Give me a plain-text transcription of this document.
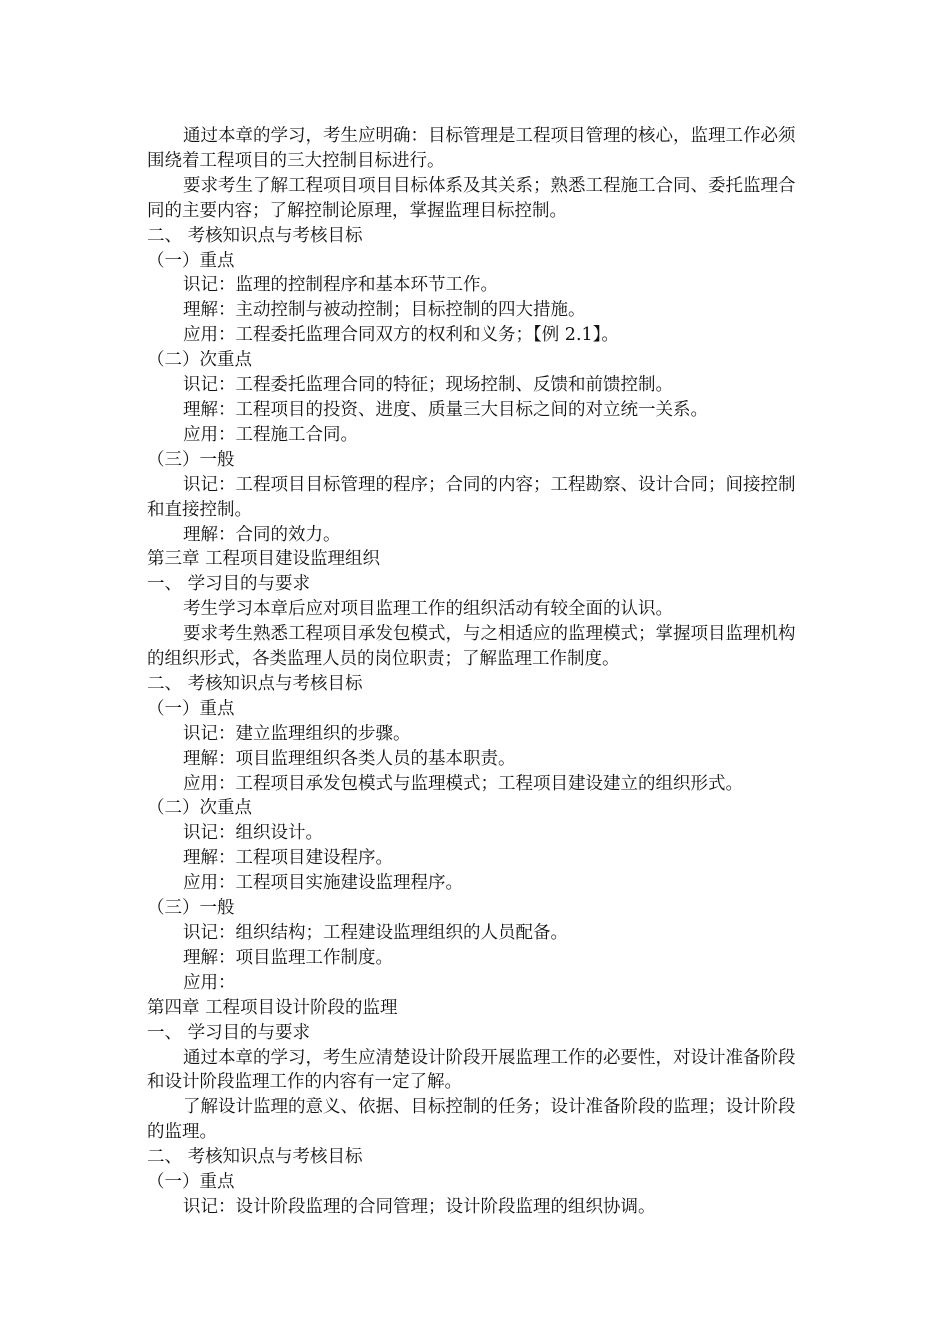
通过本章的学习，考生应明确：目标管理是工程项目管理的核心，监理工作必须围绕着工程项目的三大控制目标进行。

要求考生了解工程项目项目目标体系及其关系；熟悉工程施工合同、委托监理合同的主要内容；了解控制论原理，掌握监理目标控制。

二、 考核知识点与考核目标

（一）重点

识记：监理的控制程序和基本环节工作。

理解：主动控制与被动控制；目标控制的四大措施。

应用：工程委托监理合同双方的权利和义务；【例 2.1】。

（二）次重点

识记：工程委托监理合同的特征；现场控制、反馈和前馈控制。

理解：工程项目的投资、进度、质量三大目标之间的对立统一关系。

应用：工程施工合同。

（三）一般

识记：工程项目目标管理的程序；合同的内容；工程勘察、设计合同；间接控制和直接控制。

理解：合同的效力。

第三章 工程项目建设监理组织

一、 学习目的与要求

考生学习本章后应对项目监理工作的组织活动有较全面的认识。

要求考生熟悉工程项目承发包模式，与之相适应的监理模式；掌握项目监理机构的组织形式，各类监理人员的岗位职责；了解监理工作制度。

二、 考核知识点与考核目标

（一）重点

识记：建立监理组织的步骤。

理解：项目监理组织各类人员的基本职责。

应用：工程项目承发包模式与监理模式；工程项目建设建立的组织形式。

（二）次重点

识记：组织设计。

理解：工程项目建设程序。

应用：工程项目实施建设监理程序。

（三）一般

识记：组织结构；工程建设监理组织的人员配备。

理解：项目监理工作制度。

应用：

第四章 工程项目设计阶段的监理

一、 学习目的与要求

通过本章的学习，考生应清楚设计阶段开展监理工作的必要性，对设计准备阶段和设计阶段监理工作的内容有一定了解。

了解设计监理的意义、依据、目标控制的任务；设计准备阶段的监理；设计阶段的监理。

二、 考核知识点与考核目标

（一）重点

识记：设计阶段监理的合同管理；设计阶段监理的组织协调。
